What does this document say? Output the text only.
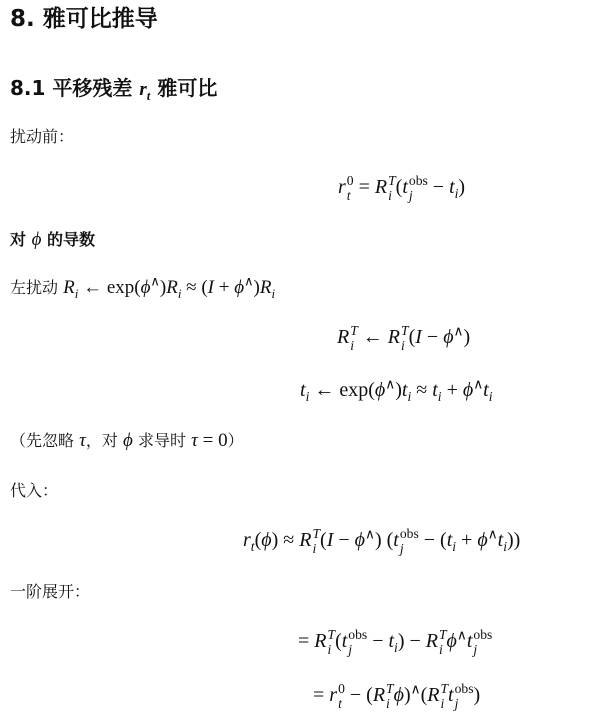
8. 雅可比推导
8.1 平移残差 $r_t$ 雅可比
扰动前：
r 0
t = R T
i (t obs
$j - t_i$)
对 ϕ 的导数
左扰动 $R_i$ ← $\exp(\phi^\wedge)R_i \approx (I + \phi^\wedge)R_i$
R T
i ← R T
i (I − ϕ∧)
$t_i$ ← $\exp(\phi^\wedge)t_i \approx t_i + \phi^\wedge t_i$
（先忽略 τ，对 ϕ 求导时 τ = 0）
代入：
$r_t(\phi) \approx R$ T
i (I − ϕ∧) (t obs
$j - (t_i + \phi^\wedge t_i)$)
一阶展开：
= R T
i (t obs
$j - t_i) - R$ T
i ϕ∧t obs
j
= r 0
t − (R T
i ϕ)∧(R T
i t obs
j )
